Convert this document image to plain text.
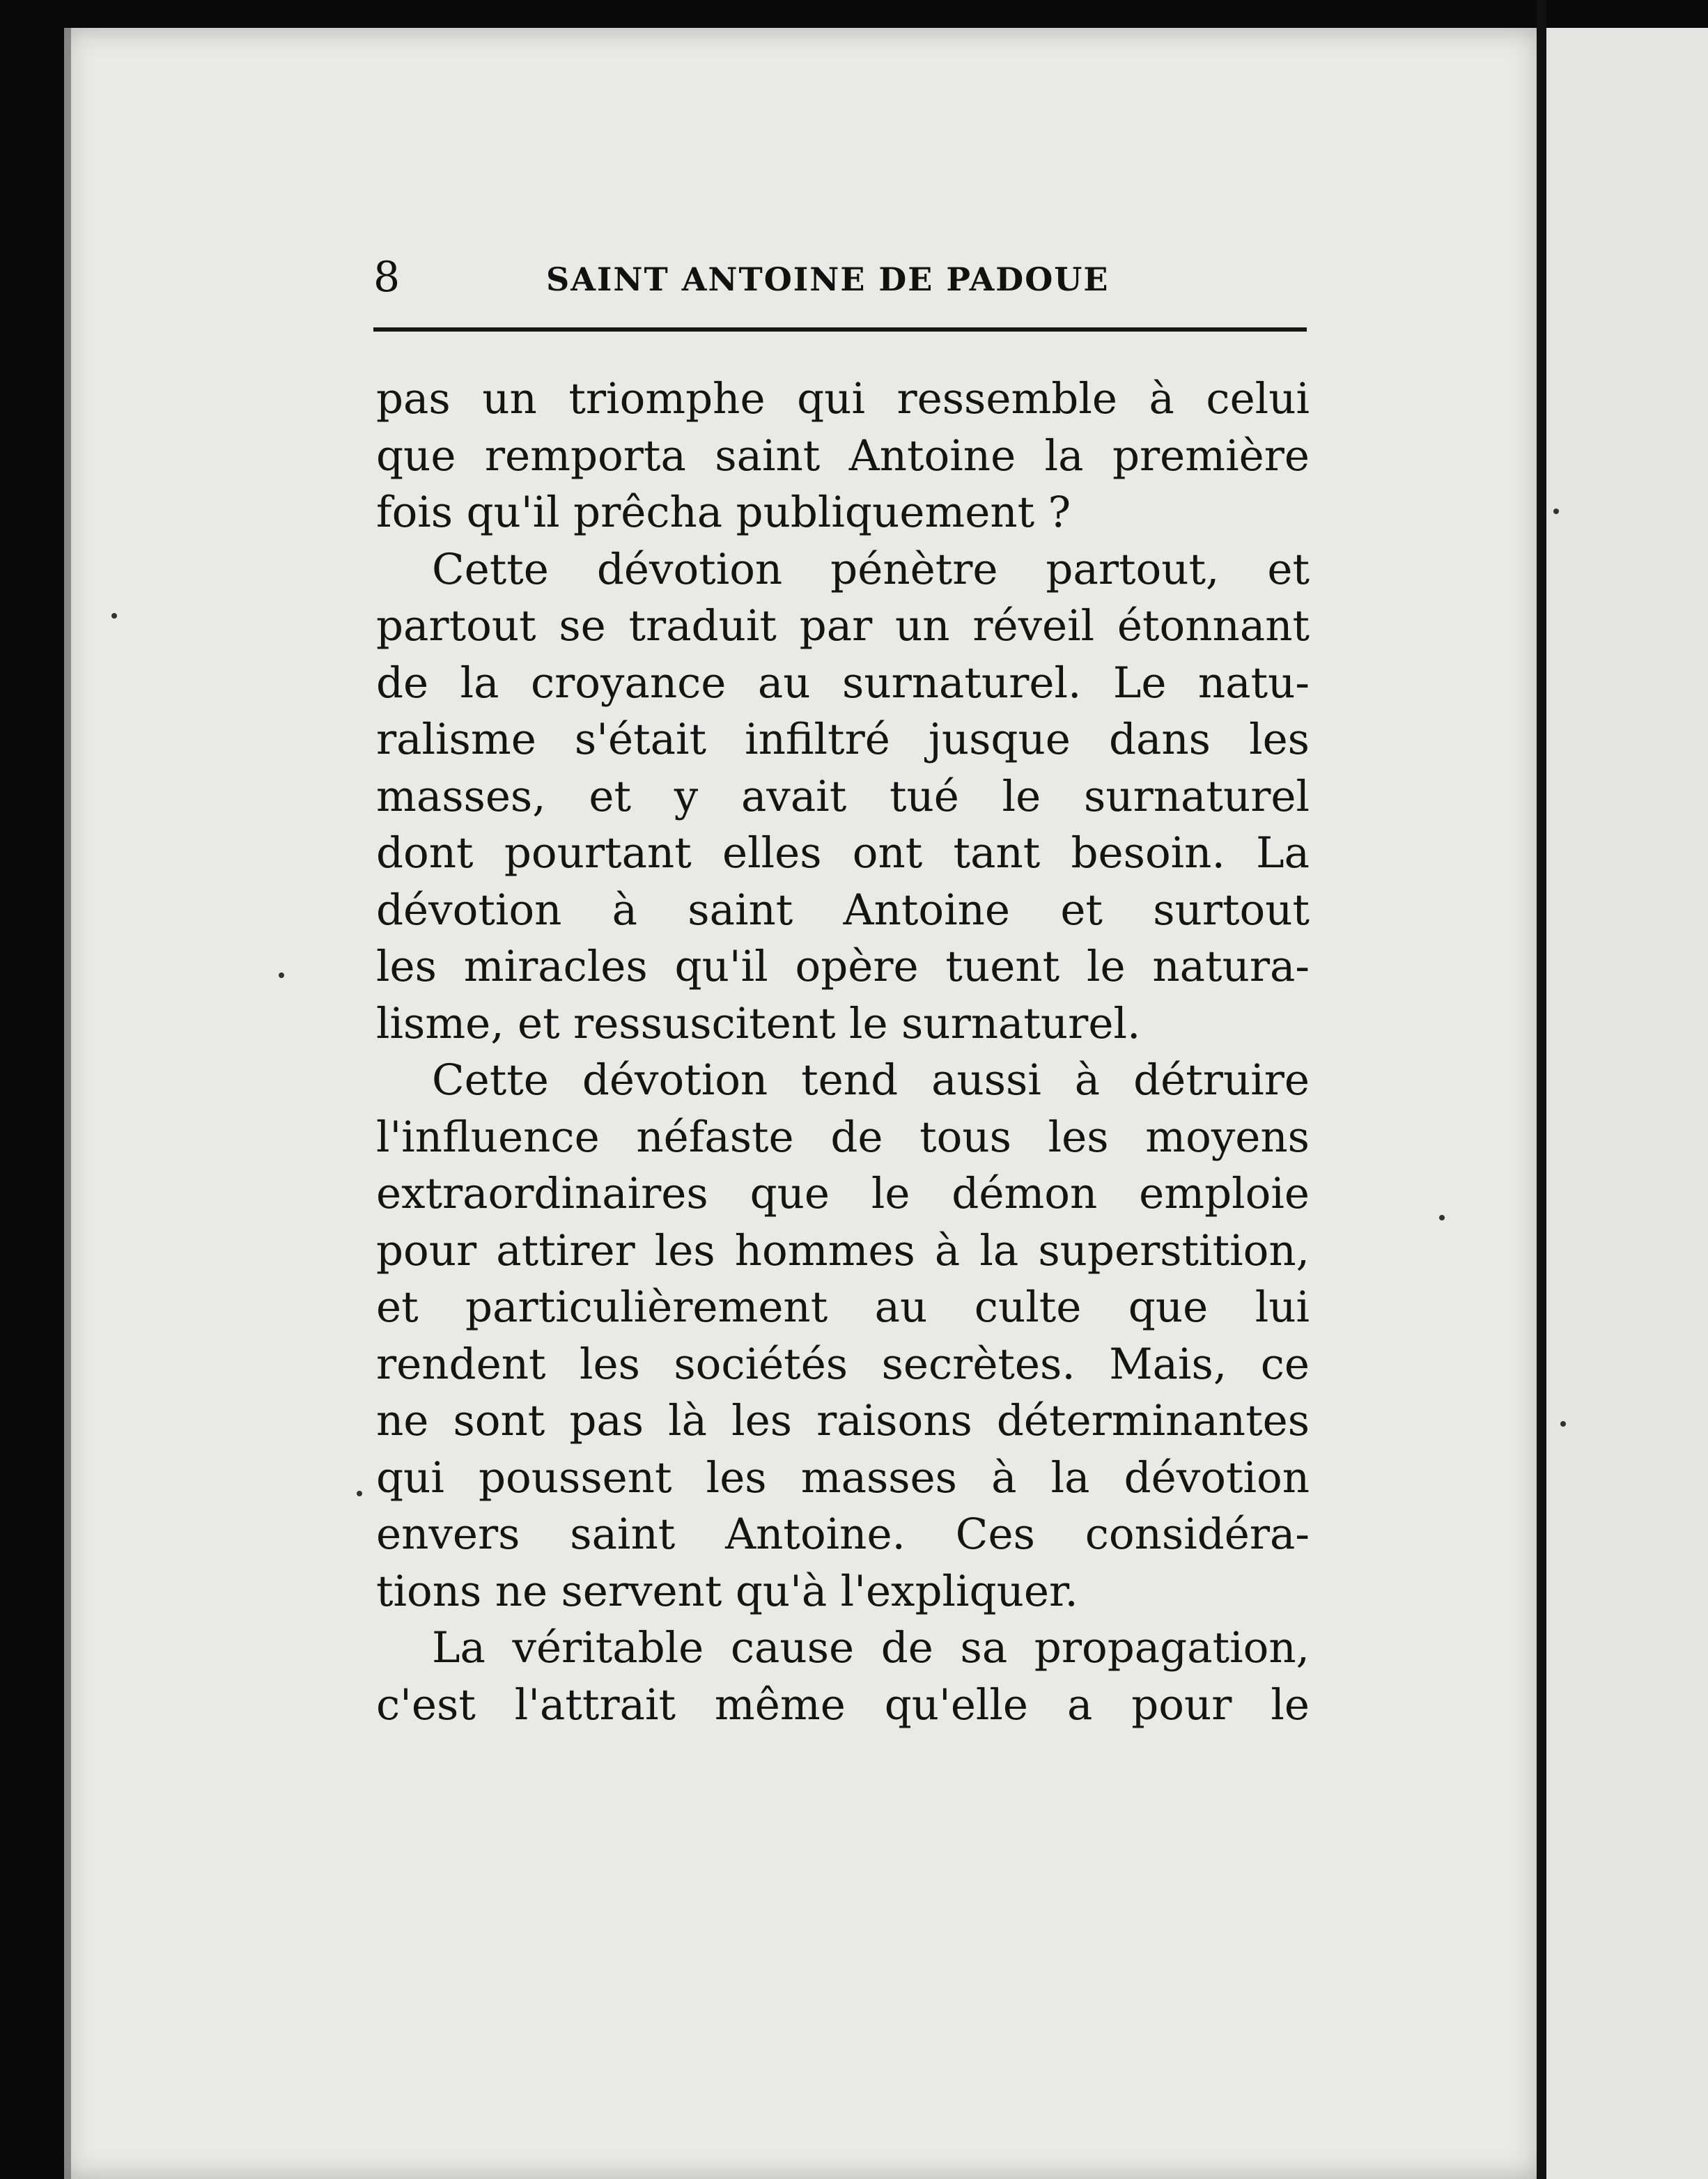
8	SAINT ANTOINE DE PADOUE
pas un triomphe qui ressemble à celui
que remporta saint Antoine la première
fois qu'il prêcha publiquement ?
Cette dévotion pénètre partout, et
partout se traduit par un réveil étonnant
de la croyance au surnaturel. Le natu-
ralisme s'était infiltré jusque dans les
masses, et y avait tué le surnaturel
dont pourtant elles ont tant besoin. La
dévotion à saint Antoine et surtout
les miracles qu'il opère tuent le natura-
lisme, et ressuscitent le surnaturel.
Cette dévotion tend aussi à détruire
l'influence néfaste de tous les moyens
extraordinaires que le démon emploie
pour attirer les hommes à la superstition,
et particulièrement au culte que lui
rendent les sociétés secrètes. Mais, ce
ne sont pas là les raisons déterminantes
qui poussent les masses à la dévotion
envers saint Antoine. Ces considéra-
tions ne servent qu'à l'expliquer.
La véritable cause de sa propagation,
c'est l'attrait même qu'elle a pour le
